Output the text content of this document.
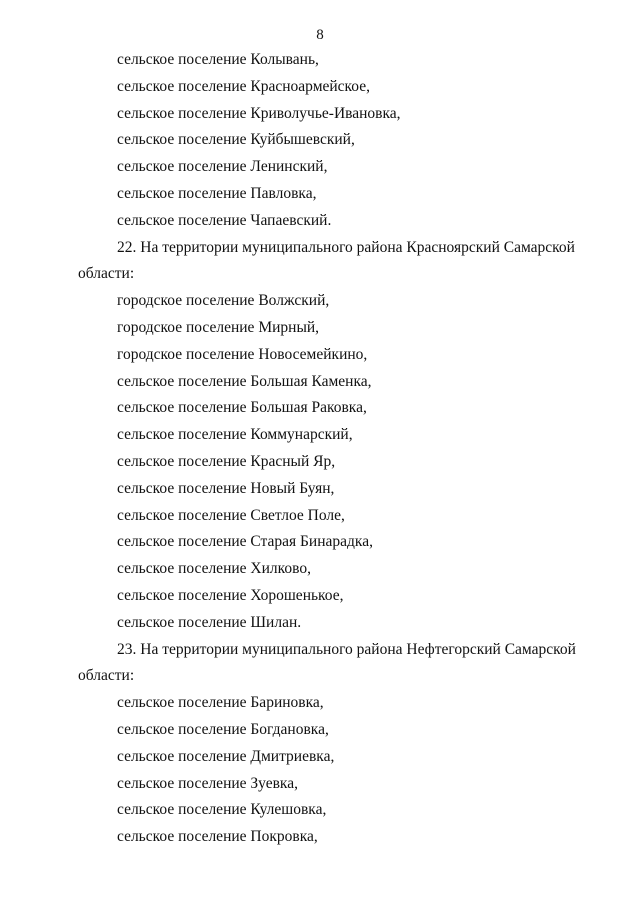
8
сельское поселение Колывань,
сельское поселение Красноармейское,
сельское поселение Криволучье-Ивановка,
сельское поселение Куйбышевский,
сельское поселение Ленинский,
сельское поселение Павловка,
сельское поселение Чапаевский.
22. На территории муниципального района Красноярский Самарской
области:
городское поселение Волжский,
городское поселение Мирный,
городское поселение Новосемейкино,
сельское поселение Большая Каменка,
сельское поселение Большая Раковка,
сельское поселение Коммунарский,
сельское поселение Красный Яр,
сельское поселение Новый Буян,
сельское поселение Светлое Поле,
сельское поселение Старая Бинарадка,
сельское поселение Хилково,
сельское поселение Хорошенькое,
сельское поселение Шилан.
23. На территории муниципального района Нефтегорский Самарской
области:
сельское поселение Бариновка,
сельское поселение Богдановка,
сельское поселение Дмитриевка,
сельское поселение Зуевка,
сельское поселение Кулешовка,
сельское поселение Покровка,
